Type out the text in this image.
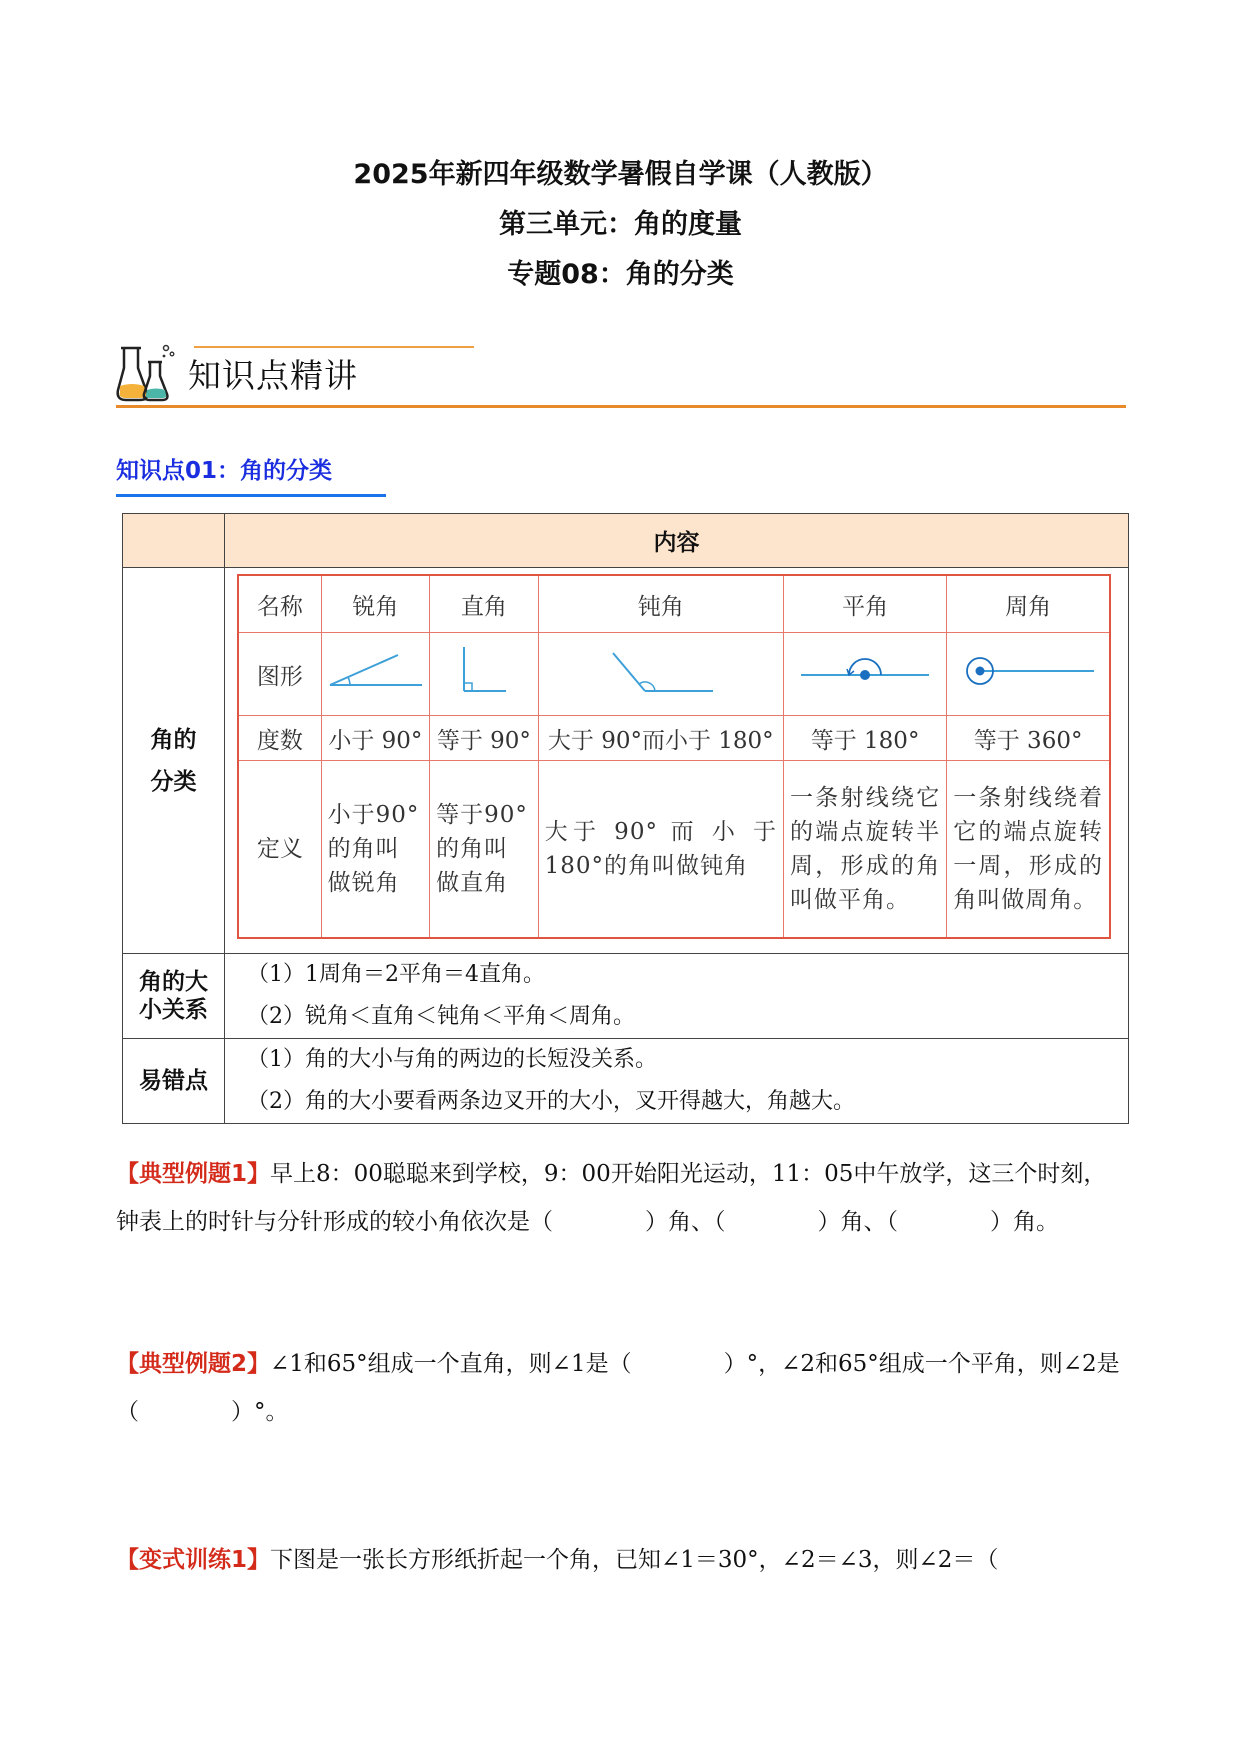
2025年新四年级数学暑假自学课（人教版）

第三单元：角的度量

专题08：角的分类

知识点精讲
知识点01：角的分类
	内容

角的分类

名称	锐角	直角	钝角	平角	周角
图形					
度数	小于 90°	等于 90°	大于 90°而小于 180°	等于 180°	等于 360°
定义	小于90°的角叫做锐角	等于90°的角叫做直角	大于 90° 而 小 于 180°的角叫做钝角	一条射线绕它的端点旋转半周，形成的角叫做平角。	一条射线绕着它的端点旋转一周，形成的角叫做周角。

角的大小关系

（1）1周角＝2平角＝4直角。
（2）锐角＜直角＜钝角＜平角＜周角。

易错点	
（1）角的大小与角的两边的长短没关系。
（2）角的大小要看两条边叉开的大小，叉开得越大，角越大。
【典型例题1】早上8：00聪聪来到学校，9：00开始阳光运动，11：05中午放学，这三个时刻，钟表上的时针与分针形成的较小角依次是（　　　　）角、（　　　　）角、（　　　　）角。
【典型例题2】∠1和65°组成一个直角，则∠1是（　　　　）°，∠2和65°组成一个平角，则∠2是（　　　　）°。
【变式训练1】下图是一张长方形纸折起一个角，已知∠1＝30°，∠2＝∠3，则∠2＝（
